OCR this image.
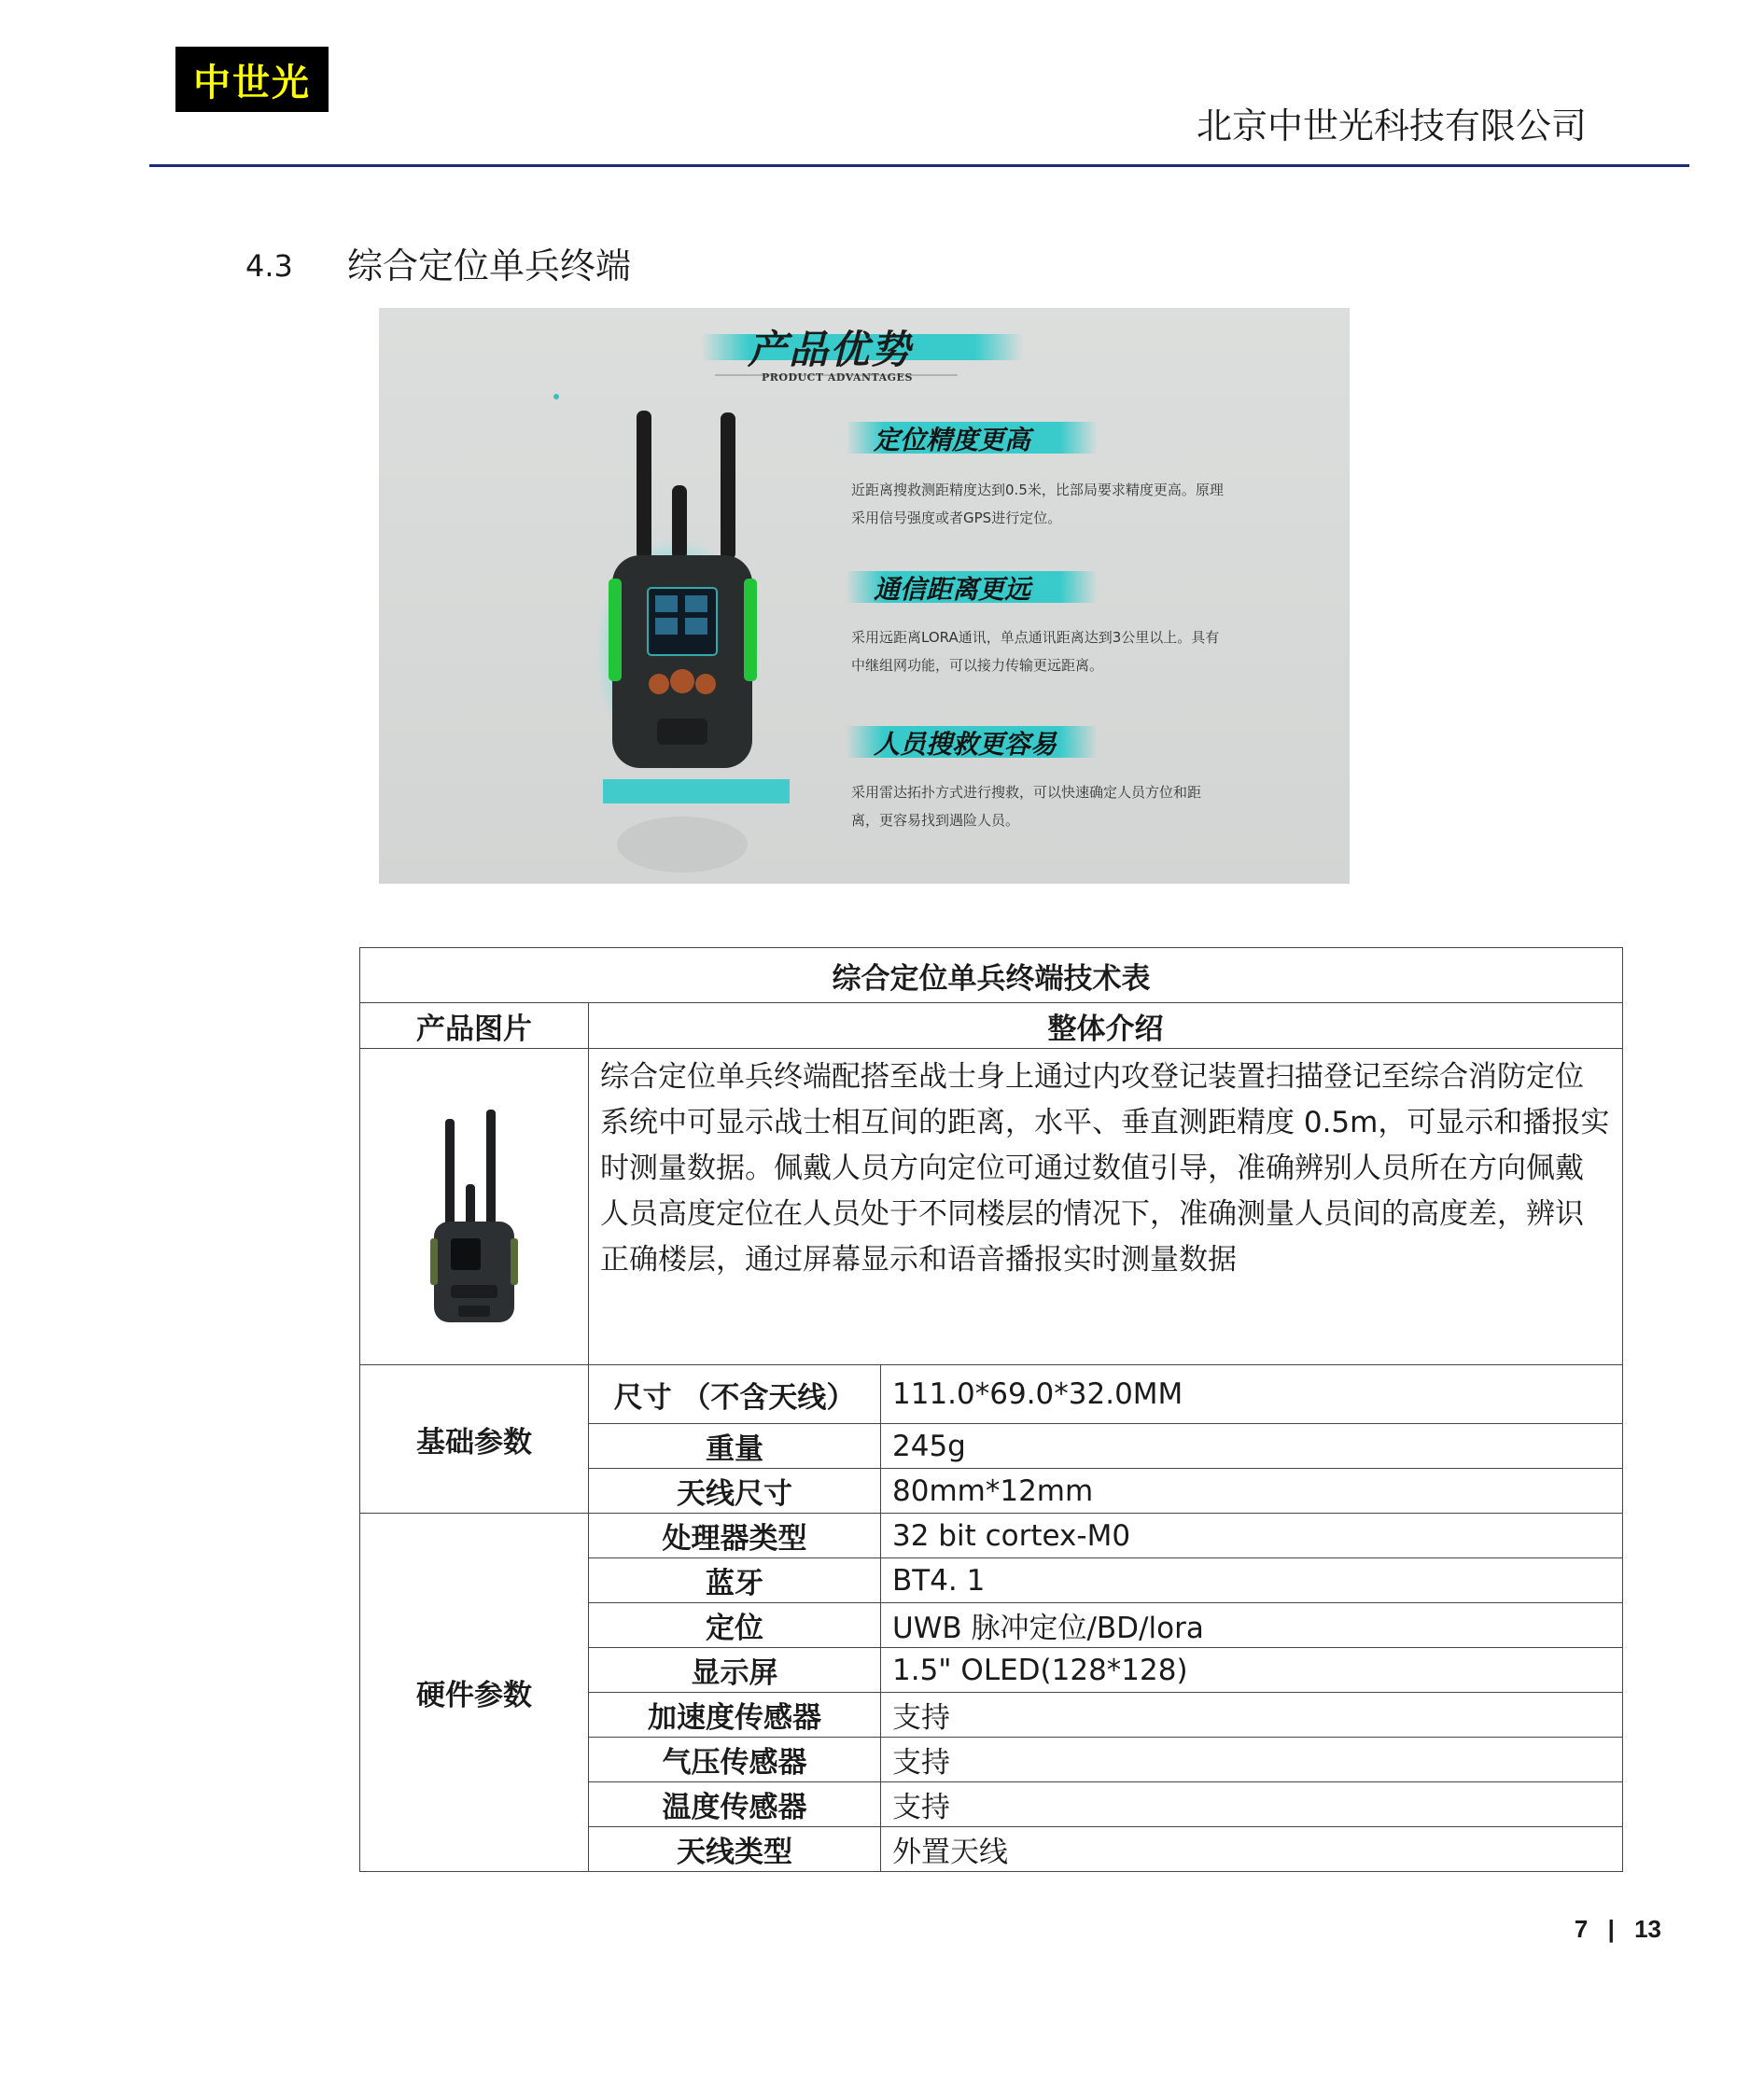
中世光
北京中世光科技有限公司
4.3 综合定位单兵终端
产品优势
PRODUCT ADVANTAGES
定位精度更高
近距离搜救测距精度达到0.5米，比部局要求精度更高。原理采用信号强度或者GPS进行定位。
通信距离更远
采用远距离LORA通讯，单点通讯距离达到3公里以上。具有中继组网功能，可以接力传输更远距离。
人员搜救更容易
采用雷达拓扑方式进行搜救，可以快速确定人员方位和距离，更容易找到遇险人员。
综合定位单兵终端技术表		
产品图片	整体介绍	
	综合定位单兵终端配搭至战士身上通过内攻登记装置扫描登记至综合消防定位系统中可显示战士相互间的距离，水平、垂直测距精度 0.5m，可显示和播报实时测量数据。佩戴人员方向定位可通过数值引导，准确辨别人员所在方向佩戴人员高度定位在人员处于不同楼层的情况下，准确测量人员间的高度差，辨识正确楼层，通过屏幕显示和语音播报实时测量数据	
基础参数	尺寸 （不含天线）	111.0*69.0*32.0MM
	重量	245g
	天线尺寸	80mm*12mm
硬件参数	处理器类型	32 bit cortex-M0
	蓝牙	BT4. 1
	定位	UWB 脉冲定位/BD/lora
	显示屏	1.5" OLED(128*128)
	加速度传感器	支持
	气压传感器	支持
	温度传感器	支持
	天线类型	外置天线
7 | 13
